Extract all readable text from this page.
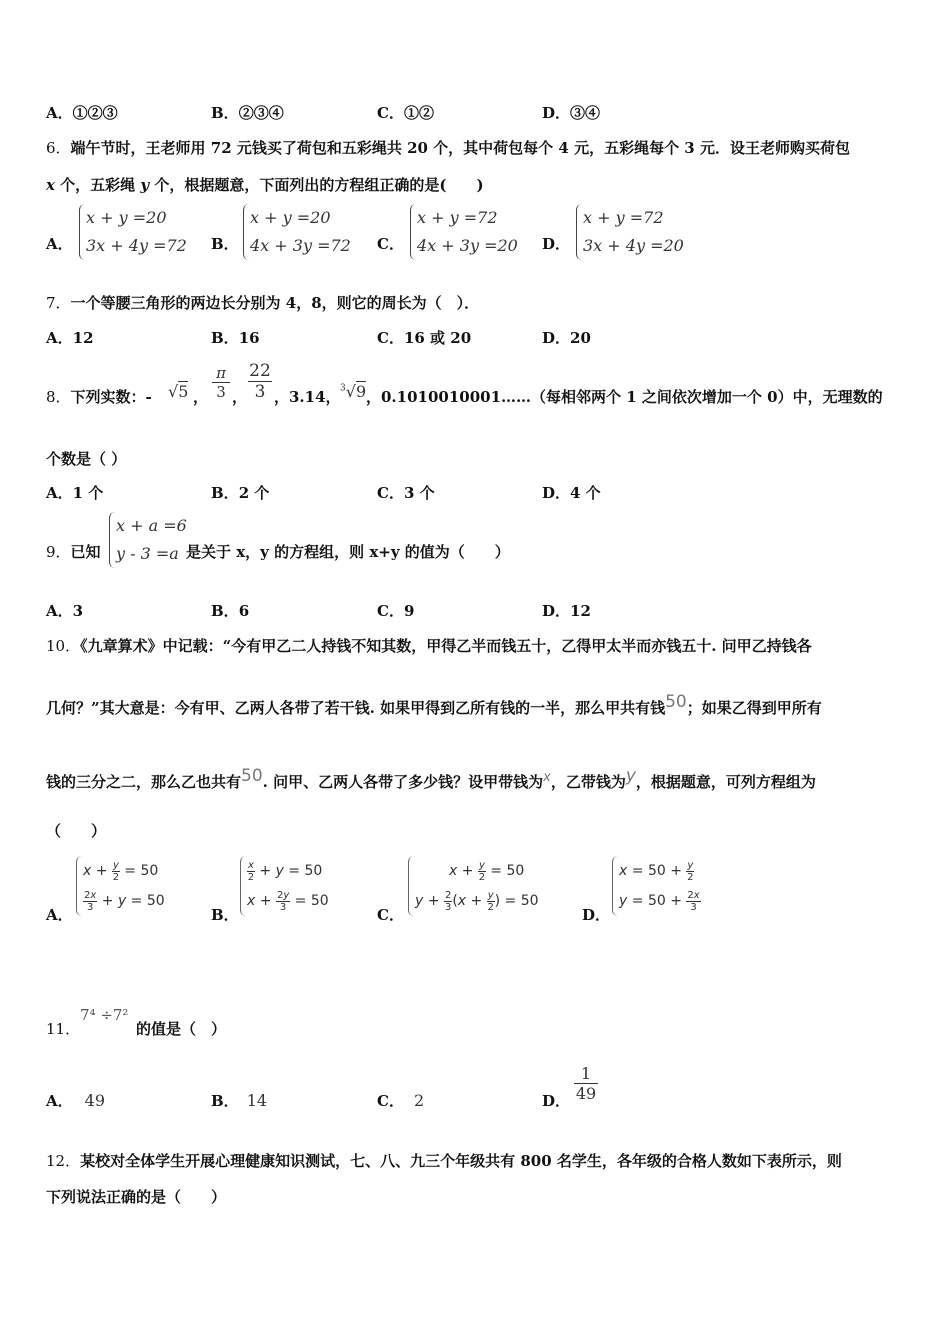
A．①②③	B．②③④	C．①②	D．③④
6．端午节时，王老师用 72 元钱买了荷包和五彩绳共 20 个，其中荷包每个 4 元，五彩绳每个 3 元．设王老师购买荷包
x 个，五彩绳 y 个，根据题意，下面列出的方程组正确的是(　　)
A．
x + y =20
3x + 4y =72 B．
x + y =20
4x + 3y =72 C．
x + y =72
4x + 3y =20 D．
x + y =72
3x + 4y =20
7．一个等腰三角形的两边长分别为 4，8，则它的周长为（　）．
A．12	B．16	C．16 或 20	D．20
8．下列实数：- √5 ，
π
3 ，
22
3 ，3.14， $^3$√9 ，0.1010010001……（每相邻两个 1 之间依次增加一个 0）中，无理数的
个数是（ ）
A．1 个	B．2 个	C．3 个	D．4 个
9．已知
x + a =6
y - 3 =a 是关于 x，y 的方程组，则 x+y 的值为（　　）
A．3	B．6	C．9	D．12
10．《九章算术》中记载：“今有甲乙二人持钱不知其数，甲得乙半而钱五十，乙得甲太半而亦钱五十. 问甲乙持钱各
几何？”其大意是：今有甲、乙两人各带了若干钱. 如果甲得到乙所有钱的一半，那么甲共有钱50；如果乙得到甲所有
钱的三分之二，那么乙也共有50. 问甲、乙两人各带了多少钱？设甲带钱为x，乙带钱为y，根据题意，可列方程组为
（　　）
A．
$x + \frac{y}{2} = 50$
$\frac{2x}{3} + y = 50$
B．
$\frac{x}{2} + y = 50$
$x + \frac{2y}{3} = 50$
C．
$x + \frac{y}{2} = 50$
$y + \frac{2}{3} (x + \frac{y}{2}$ ) = 50
D．
$x = 50 + \frac{y}{2}$
$y = 50 + \frac{2x}{3}$
11．
7⁴ ÷7²
的值是（　）
A． 49	B． 14	C． 2	D．
1
49
12．某校对全体学生开展心理健康知识测试，七、八、九三个年级共有 800 名学生，各年级的合格人数如下表所示，则
下列说法正确的是（　　）
